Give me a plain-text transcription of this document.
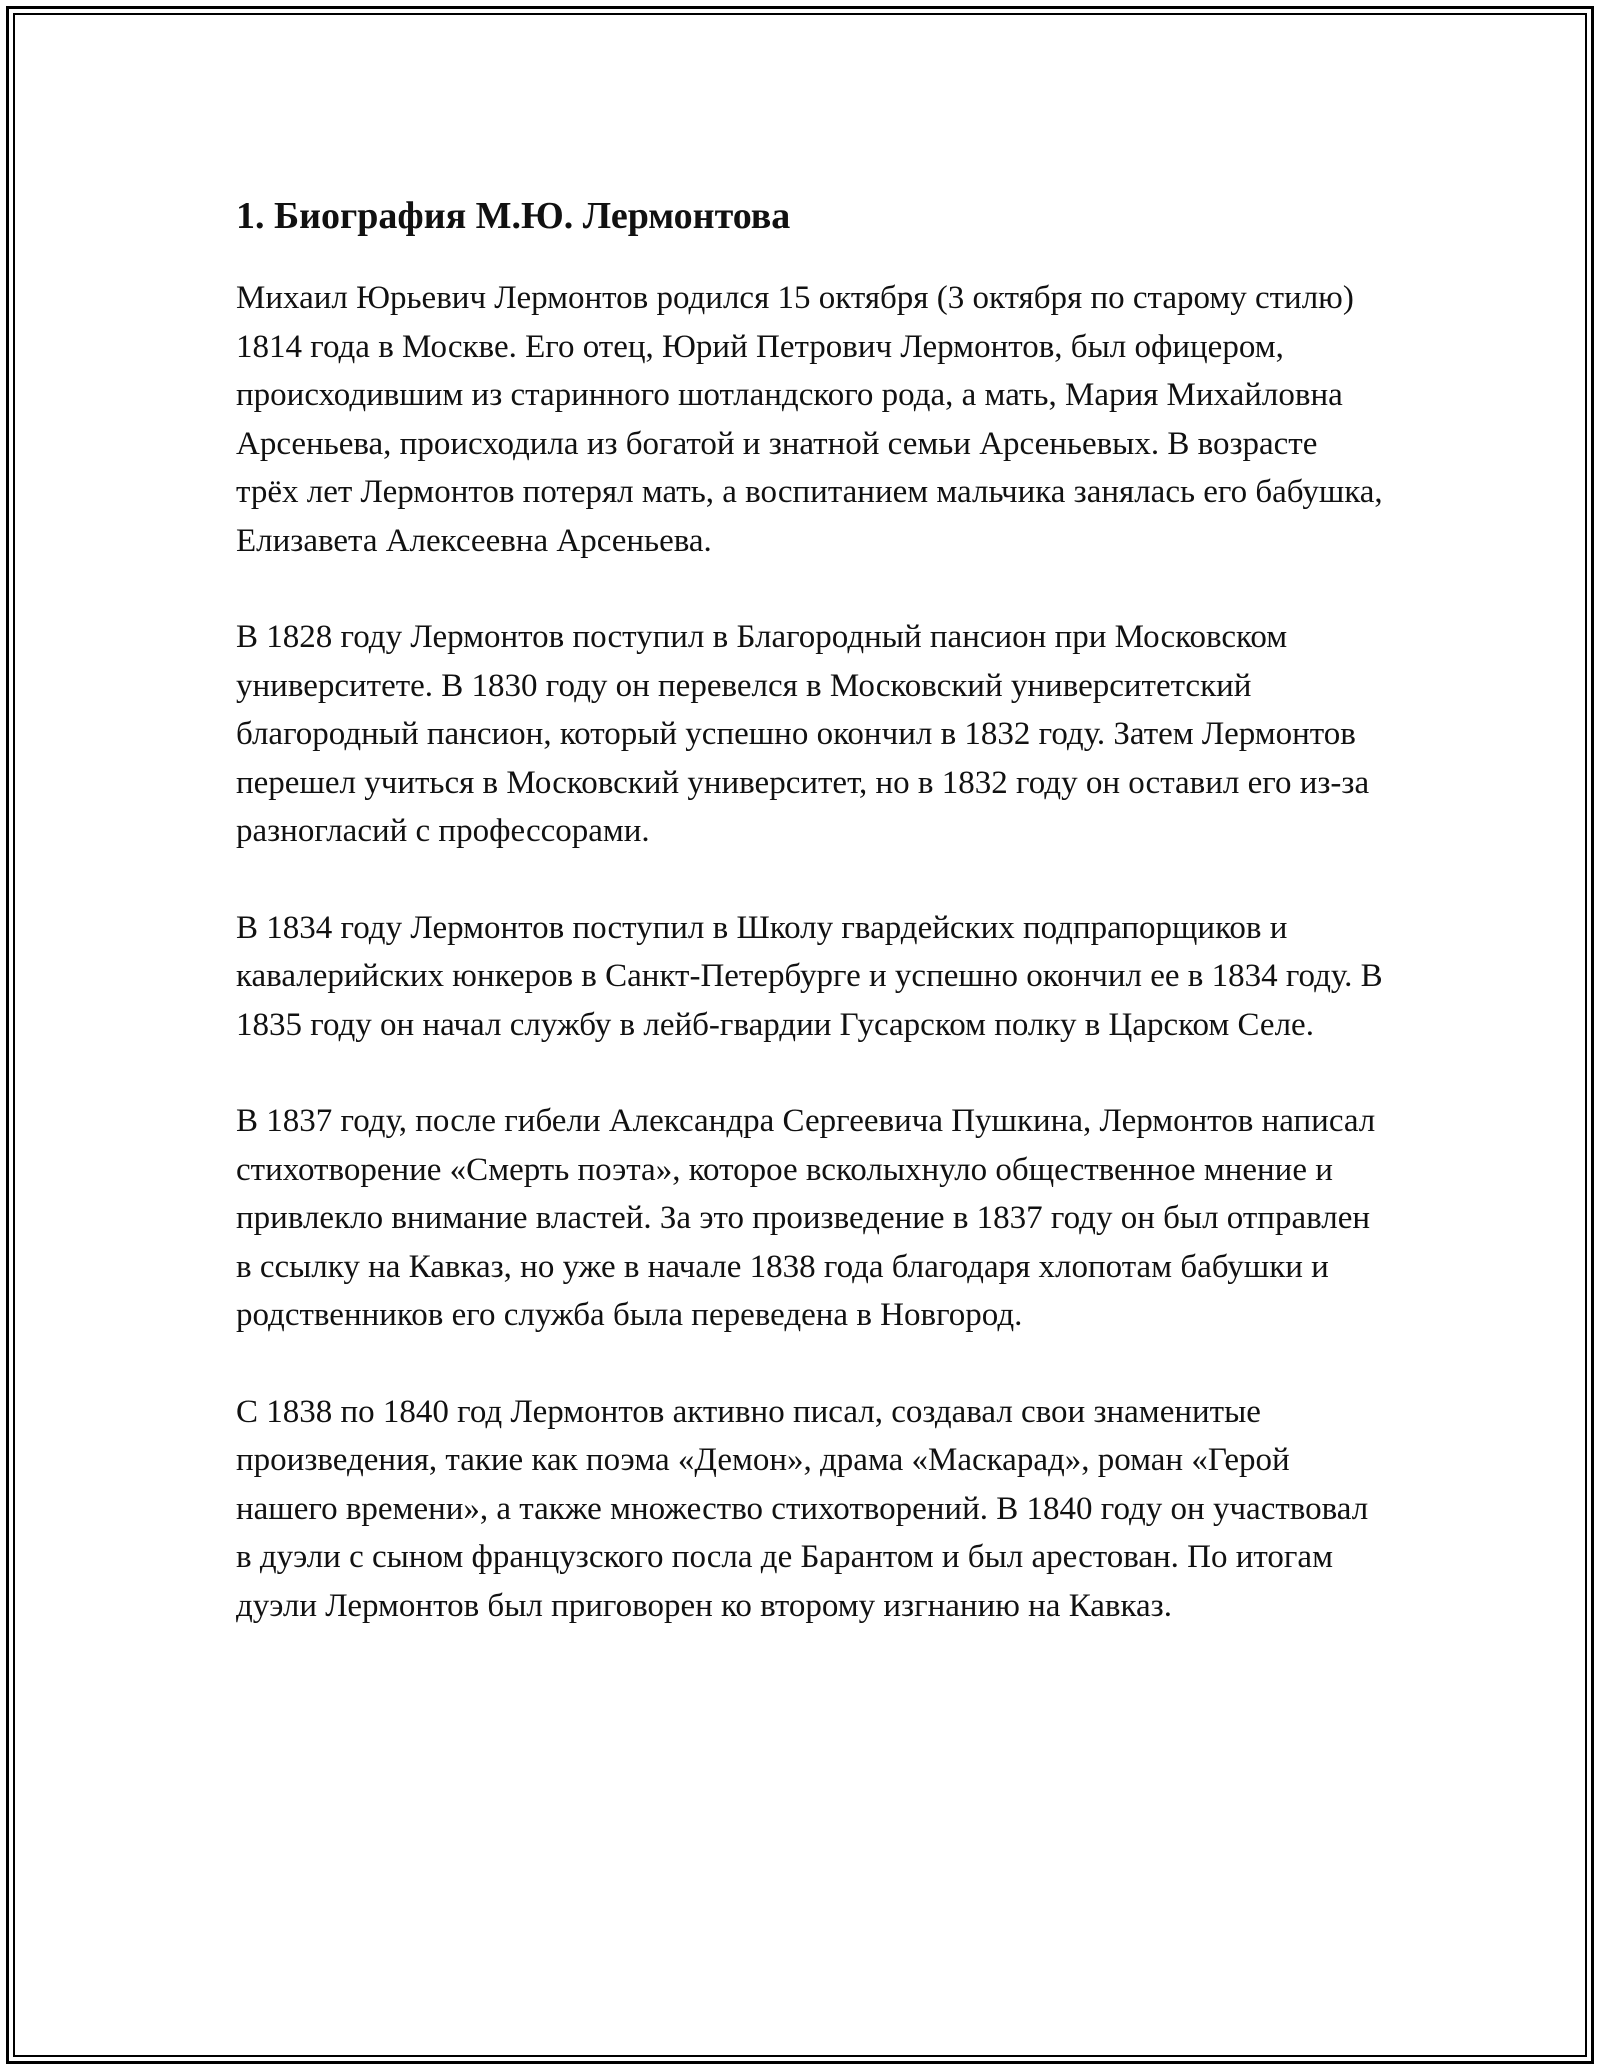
1. Биография М.Ю. Лермонтова

Михаил Юрьевич Лермонтов родился 15 октября (3 октября по старому стилю) 1814 года в Москве. Его отец, Юрий Петрович Лермонтов, был офицером, происходившим из старинного шотландского рода, а мать, Мария Михайловна Арсеньева, происходила из богатой и знатной семьи Арсеньевых. В возрасте трёх лет Лермонтов потерял мать, а воспитанием мальчика занялась его бабушка, Елизавета Алексеевна Арсеньева.

В 1828 году Лермонтов поступил в Благородный пансион при Московском университете. В 1830 году он перевелся в Московский университетский благородный пансион, который успешно окончил в 1832 году. Затем Лермонтов перешел учиться в Московский университет, но в 1832 году он оставил его из-за разногласий с профессорами.

В 1834 году Лермонтов поступил в Школу гвардейских подпрапорщиков и кавалерийских юнкеров в Санкт-Петербурге и успешно окончил ее в 1834 году. В 1835 году он начал службу в лейб-гвардии Гусарском полку в Царском Селе.

В 1837 году, после гибели Александра Сергеевича Пушкина, Лермонтов написал стихотворение «Смерть поэта», которое всколыхнуло общественное мнение и привлекло внимание властей. За это произведение в 1837 году он был отправлен в ссылку на Кавказ, но уже в начале 1838 года благодаря хлопотам бабушки и родственников его служба была переведена в Новгород.

С 1838 по 1840 год Лермонтов активно писал, создавал свои знаменитые произведения, такие как поэма «Демон», драма «Маскарад», роман «Герой нашего времени», а также множество стихотворений. В 1840 году он участвовал в дуэли с сыном французского посла де Барантом и был арестован. По итогам дуэли Лермонтов был приговорен ко второму изгнанию на Кавказ.
